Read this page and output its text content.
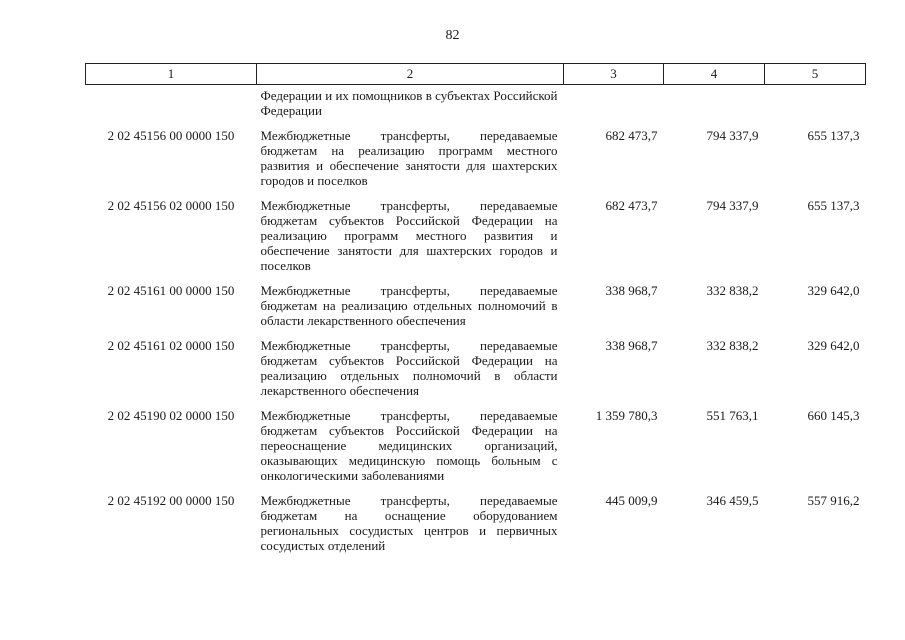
82
1	2	3	4	5

	Федерации и их помощников в субъектах Российской Федерации			

2 02 45156 00 0000 150	Межбюджетные трансферты, передаваемые бюджетам на реализацию программ местного развития и обеспечение занятости для шахтерских городов и поселков	682 473,7	794 337,9	655 137,3
2 02 45156 02 0000 150	Межбюджетные трансферты, передаваемые бюджетам субъектов Российской Федерации на реализацию программ местного развития и обеспечение занятости для шахтерских городов и поселков	682 473,7	794 337,9	655 137,3
2 02 45161 00 0000 150	Межбюджетные трансферты, передаваемые бюджетам на реализацию отдельных полномочий в области лекарственного обеспечения	338 968,7	332 838,2	329 642,0
2 02 45161 02 0000 150	Межбюджетные трансферты, передаваемые бюджетам субъектов Российской Федерации на реализацию отдельных полномочий в области лекарственного обеспечения	338 968,7	332 838,2	329 642,0
2 02 45190 02 0000 150	Межбюджетные трансферты, передаваемые бюджетам субъектов Российской Федерации на переоснащение медицинских организаций, оказывающих медицинскую помощь больным с онкологическими заболеваниями	1 359 780,3	551 763,1	660 145,3
2 02 45192 00 0000 150	Межбюджетные трансферты, передаваемые бюджетам на оснащение оборудованием региональных сосудистых центров и первичных сосудистых отделений	445 009,9	346 459,5	557 916,2
